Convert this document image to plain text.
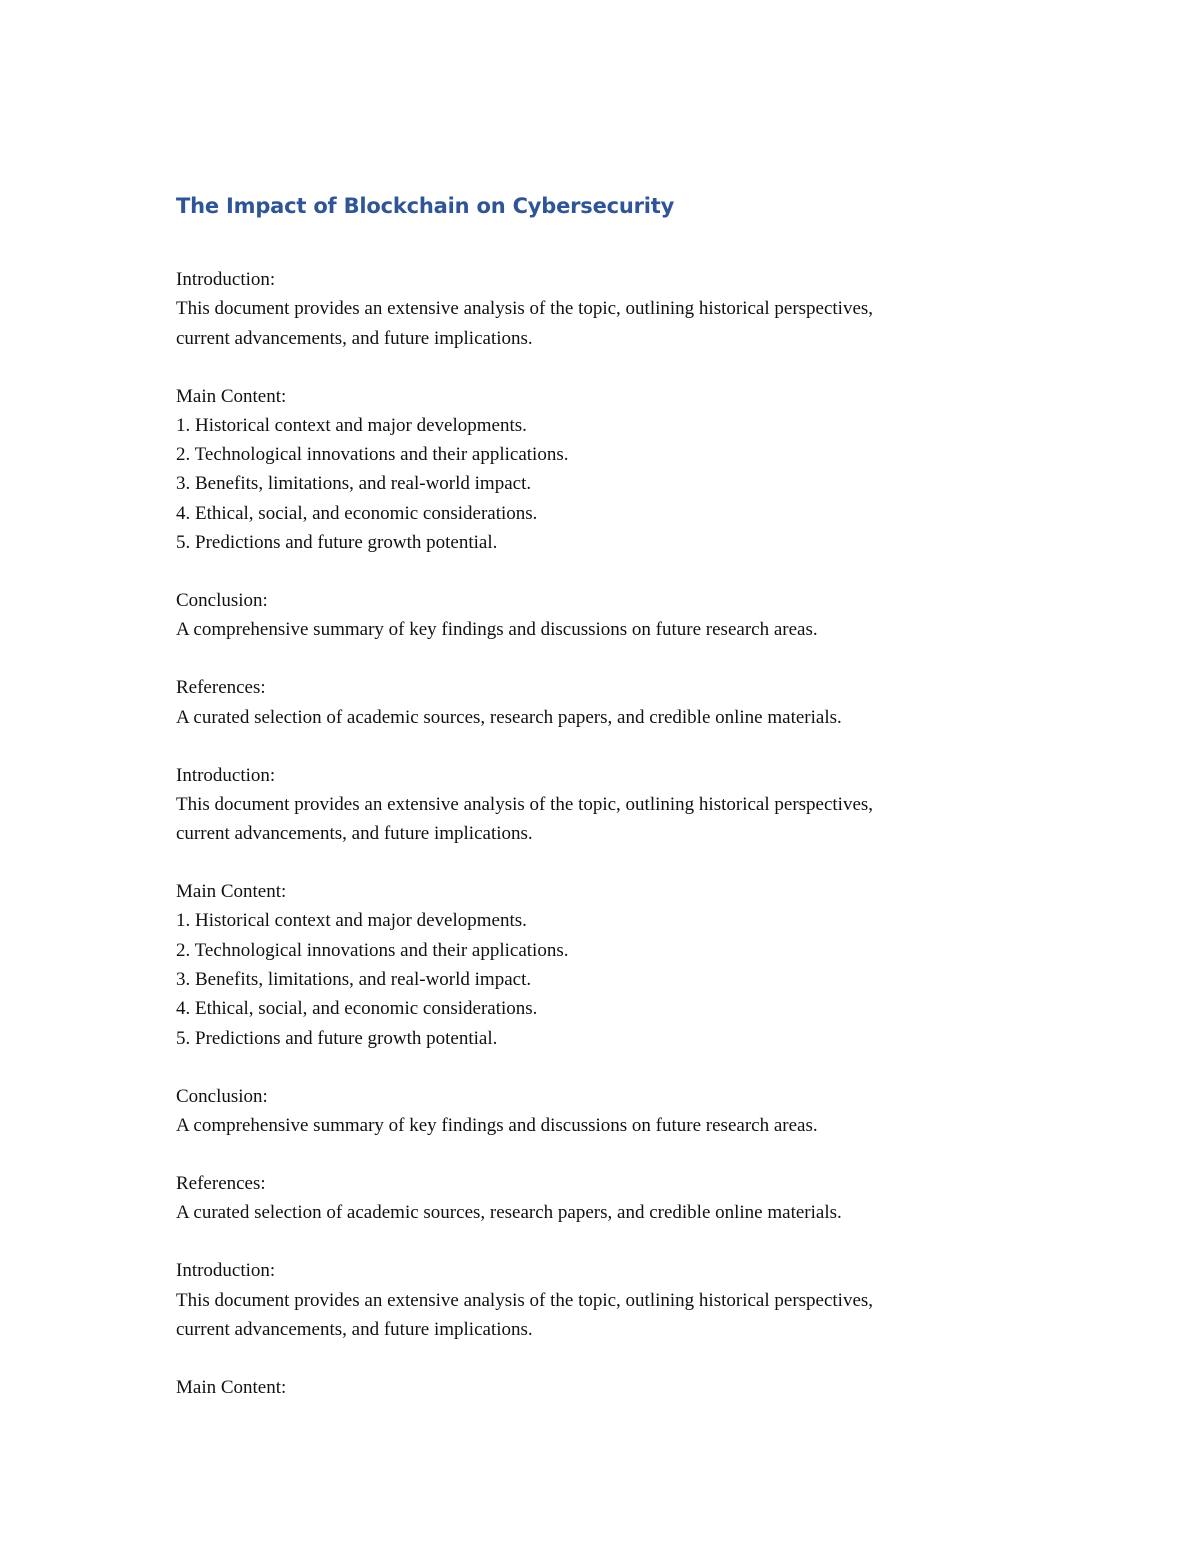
The Impact of Blockchain on Cybersecurity
Introduction:
This document provides an extensive analysis of the topic, outlining historical perspectives,
current advancements, and future implications.
Main Content:
1. Historical context and major developments.
2. Technological innovations and their applications.
3. Benefits, limitations, and real-world impact.
4. Ethical, social, and economic considerations.
5. Predictions and future growth potential.
Conclusion:
A comprehensive summary of key findings and discussions on future research areas.
References:
A curated selection of academic sources, research papers, and credible online materials.
Introduction:
This document provides an extensive analysis of the topic, outlining historical perspectives,
current advancements, and future implications.
Main Content:
1. Historical context and major developments.
2. Technological innovations and their applications.
3. Benefits, limitations, and real-world impact.
4. Ethical, social, and economic considerations.
5. Predictions and future growth potential.
Conclusion:
A comprehensive summary of key findings and discussions on future research areas.
References:
A curated selection of academic sources, research papers, and credible online materials.
Introduction:
This document provides an extensive analysis of the topic, outlining historical perspectives,
current advancements, and future implications.
Main Content:
